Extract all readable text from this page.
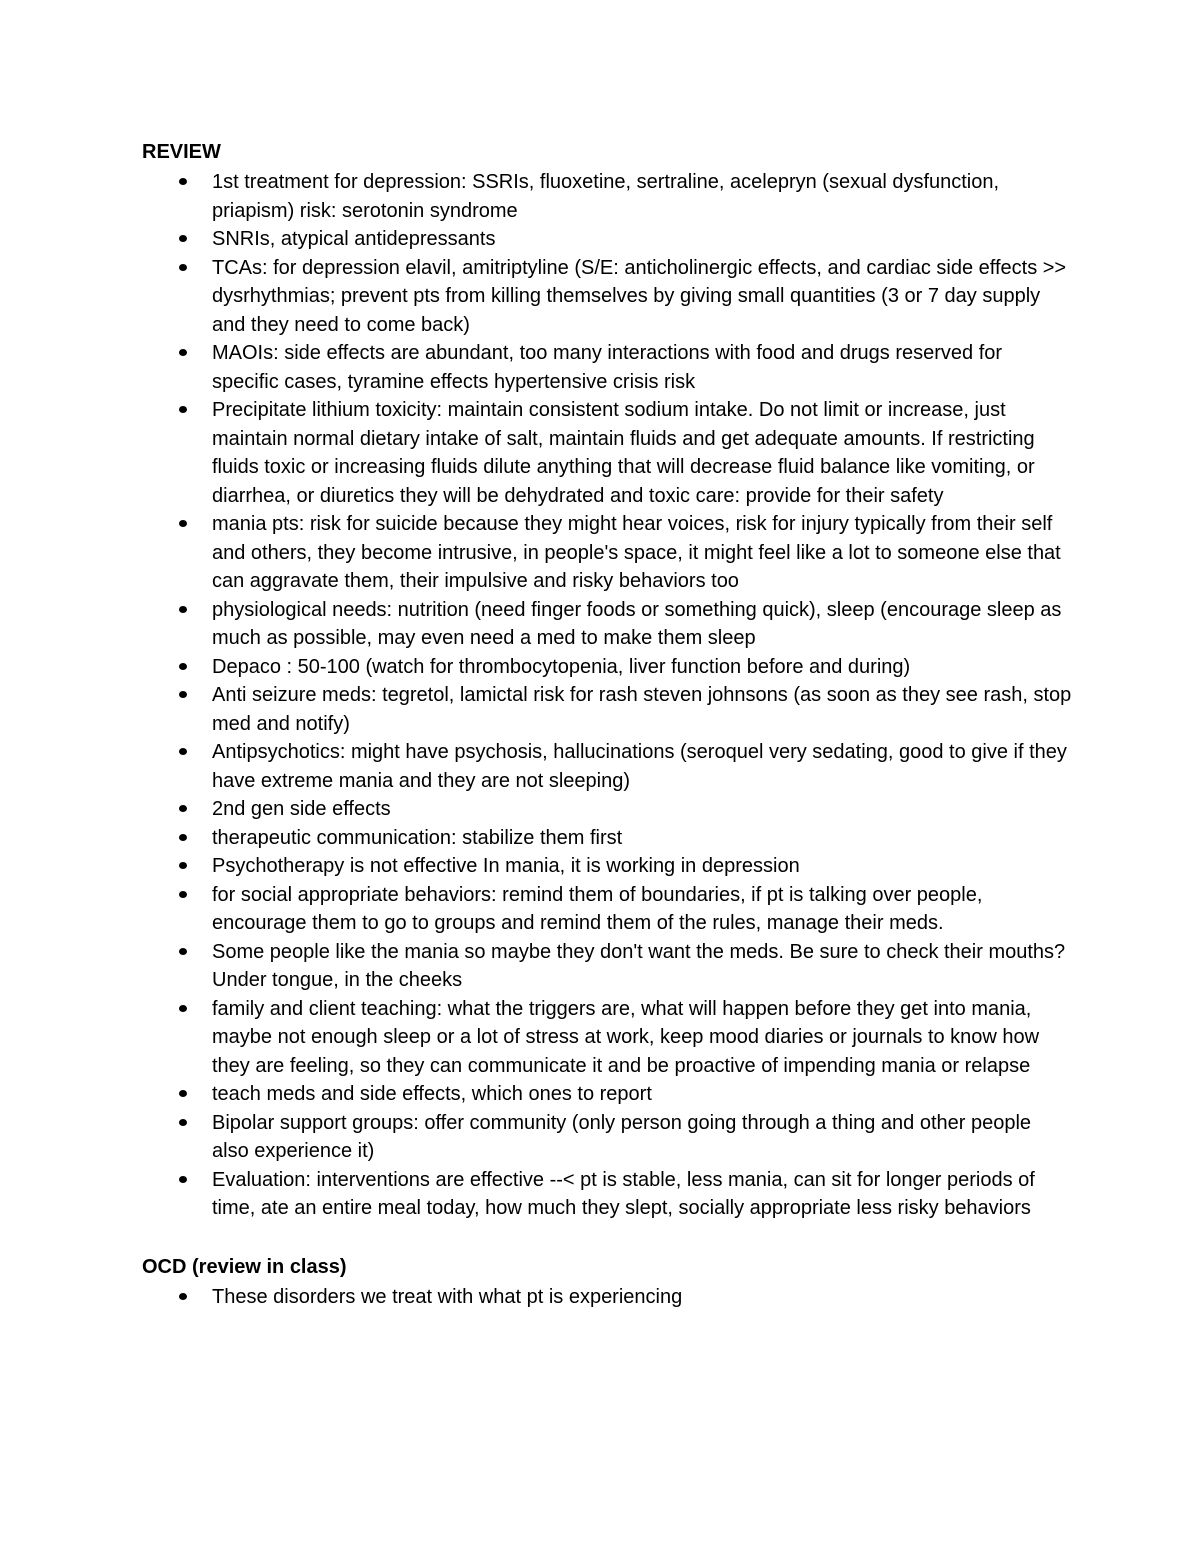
REVIEW

1st treatment for depression: SSRIs, fluoxetine, sertraline, acelepryn (sexual dysfunction, priapism) risk: serotonin syndrome
SNRIs, atypical antidepressants
TCAs: for depression elavil, amitriptyline (S/E: anticholinergic effects, and cardiac side effects >> dysrhythmias; prevent pts from killing themselves by giving small quantities (3 or 7 day supply and they need to come back)
MAOIs: side effects are abundant, too many interactions with food and drugs reserved for specific cases, tyramine effects hypertensive crisis risk
Precipitate lithium toxicity: maintain consistent sodium intake. Do not limit or increase, just maintain normal dietary intake of salt, maintain fluids and get adequate amounts. If restricting fluids toxic or increasing fluids dilute anything that will decrease fluid balance like vomiting, or diarrhea, or diuretics they will be dehydrated and toxic care: provide for their safety
mania pts: risk for suicide because they might hear voices, risk for injury typically from their self and others, they become intrusive, in people's space, it might feel like a lot to someone else that can aggravate them, their impulsive and risky behaviors too
physiological needs: nutrition (need finger foods or something quick), sleep (encourage sleep as much as possible, may even need a med to make them sleep
Depaco : 50-100 (watch for thrombocytopenia, liver function before and during)
Anti seizure meds: tegretol, lamictal risk for rash steven johnsons (as soon as they see rash, stop med and notify)
Antipsychotics: might have psychosis, hallucinations (seroquel very sedating, good to give if they have extreme mania and they are not sleeping)
2nd gen side effects
therapeutic communication: stabilize them first
Psychotherapy is not effective In mania, it is working in depression
for social appropriate behaviors: remind them of boundaries, if pt is talking over people, encourage them to go to groups and remind them of the rules, manage their meds.
Some people like the mania so maybe they don't want the meds. Be sure to check their mouths? Under tongue, in the cheeks
family and client teaching: what the triggers are, what will happen before they get into mania, maybe not enough sleep or a lot of stress at work, keep mood diaries or journals to know how they are feeling, so they can communicate it and be proactive of impending mania or relapse
teach meds and side effects, which ones to report
Bipolar support groups: offer community (only person going through a thing and other people also experience it)
Evaluation: interventions are effective --< pt is stable, less mania, can sit for longer periods of time, ate an entire meal today, how much they slept, socially appropriate less risky behaviors

OCD (review in class)

These disorders we treat with what pt is experiencing
